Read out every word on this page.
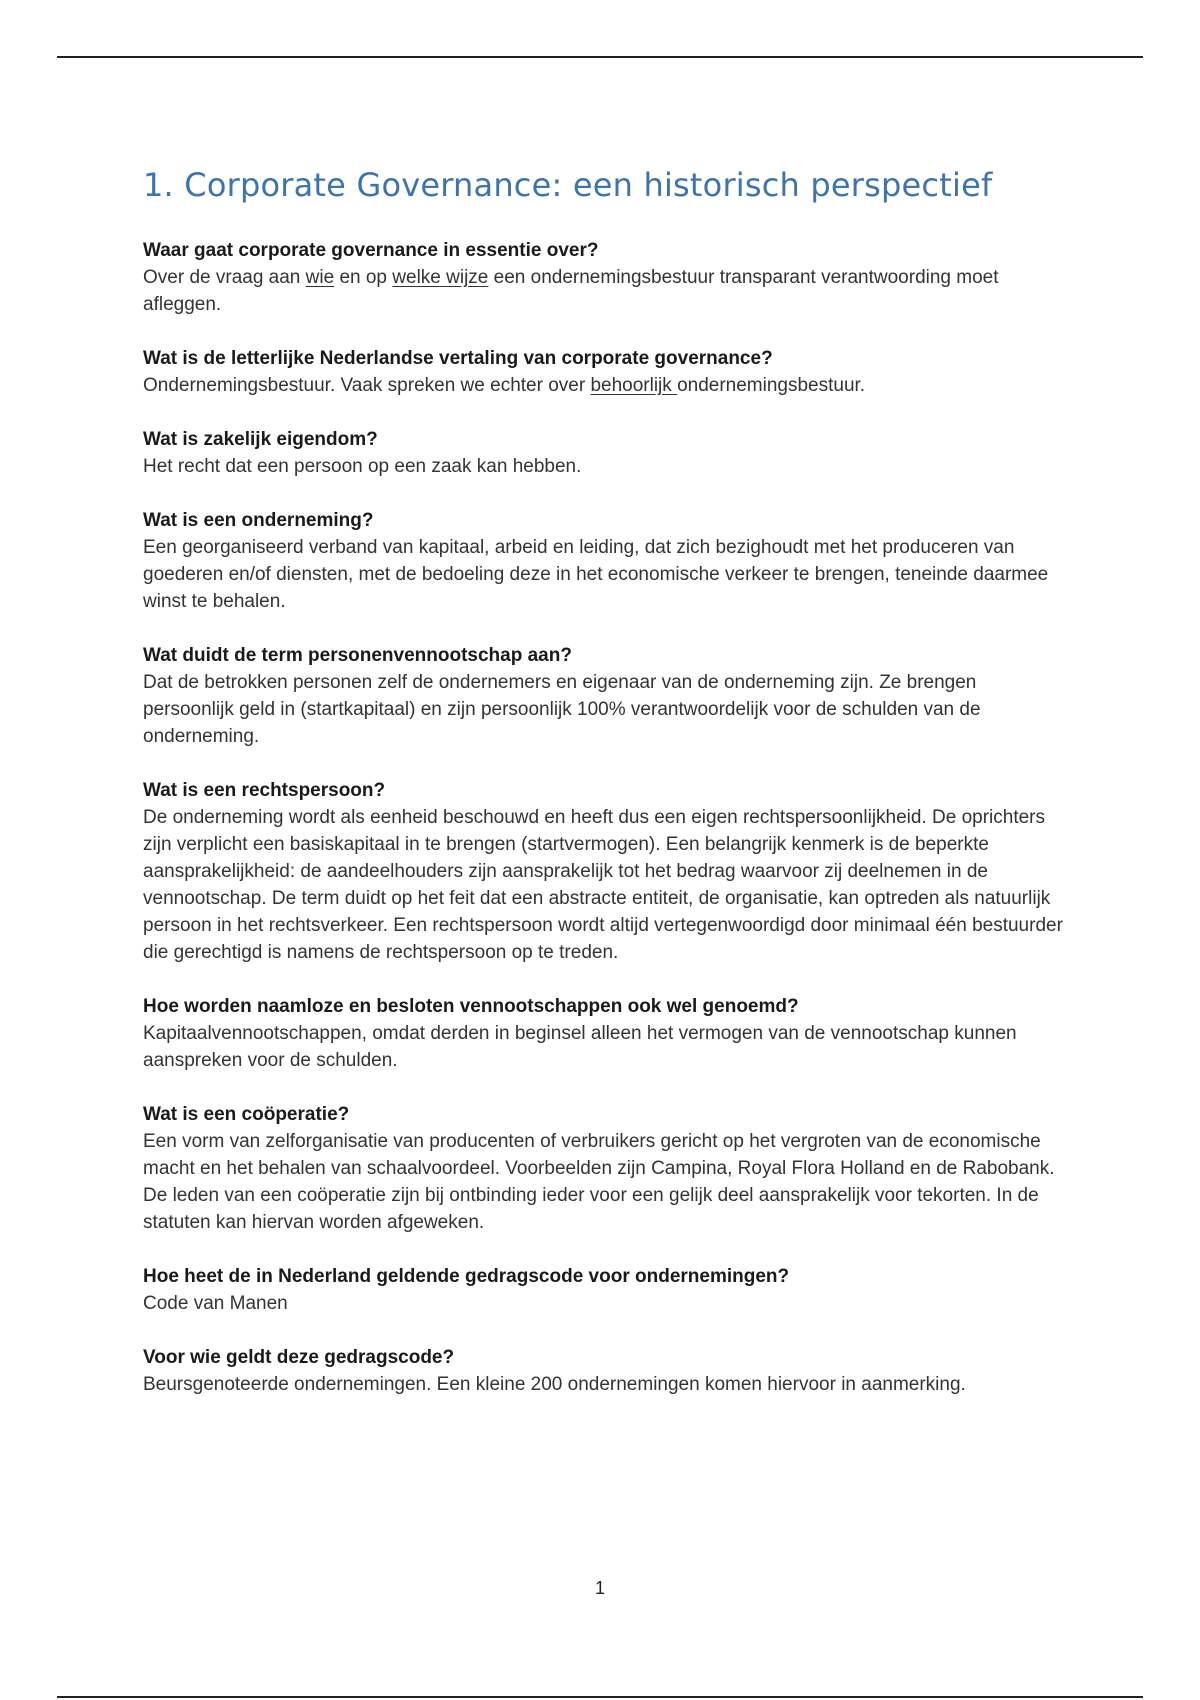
1. Corporate Governance: een historisch perspectief

Waar gaat corporate governance in essentie over?

Over de vraag aan wie en op welke wijze een ondernemingsbestuur transparant verantwoording moet afleggen.

Wat is de letterlijke Nederlandse vertaling van corporate governance?

Ondernemingsbestuur. Vaak spreken we echter over behoorlijk ondernemingsbestuur.

Wat is zakelijk eigendom?

Het recht dat een persoon op een zaak kan hebben.

Wat is een onderneming?

Een georganiseerd verband van kapitaal, arbeid en leiding, dat zich bezighoudt met het produceren van goederen en/of diensten, met de bedoeling deze in het economische verkeer te brengen, teneinde daarmee winst te behalen.

Wat duidt de term personenvennootschap aan?

Dat de betrokken personen zelf de ondernemers en eigenaar van de onderneming zijn. Ze brengen persoonlijk geld in (startkapitaal) en zijn persoonlijk 100% verantwoordelijk voor de schulden van de onderneming.

Wat is een rechtspersoon?

De onderneming wordt als eenheid beschouwd en heeft dus een eigen rechtspersoonlijkheid. De oprichters zijn verplicht een basiskapitaal in te brengen (startvermogen). Een belangrijk kenmerk is de beperkte aansprakelijkheid: de aandeelhouders zijn aansprakelijk tot het bedrag waarvoor zij deelnemen in de vennootschap. De term duidt op het feit dat een abstracte entiteit, de organisatie, kan optreden als natuurlijk persoon in het rechtsverkeer. Een rechtspersoon wordt altijd vertegenwoordigd door minimaal één bestuurder die gerechtigd is namens de rechtspersoon op te treden.

Hoe worden naamloze en besloten vennootschappen ook wel genoemd?

Kapitaalvennootschappen, omdat derden in beginsel alleen het vermogen van de vennootschap kunnen aanspreken voor de schulden.

Wat is een coöperatie?

Een vorm van zelforganisatie van producenten of verbruikers gericht op het vergroten van de economische macht en het behalen van schaalvoordeel. Voorbeelden zijn Campina, Royal Flora Holland en de Rabobank. De leden van een coöperatie zijn bij ontbinding ieder voor een gelijk deel aansprakelijk voor tekorten. In de statuten kan hiervan worden afgeweken.

Hoe heet de in Nederland geldende gedragscode voor ondernemingen?

Code van Manen

Voor wie geldt deze gedragscode?

Beursgenoteerde ondernemingen. Een kleine 200 ondernemingen komen hiervoor in aanmerking.

1
